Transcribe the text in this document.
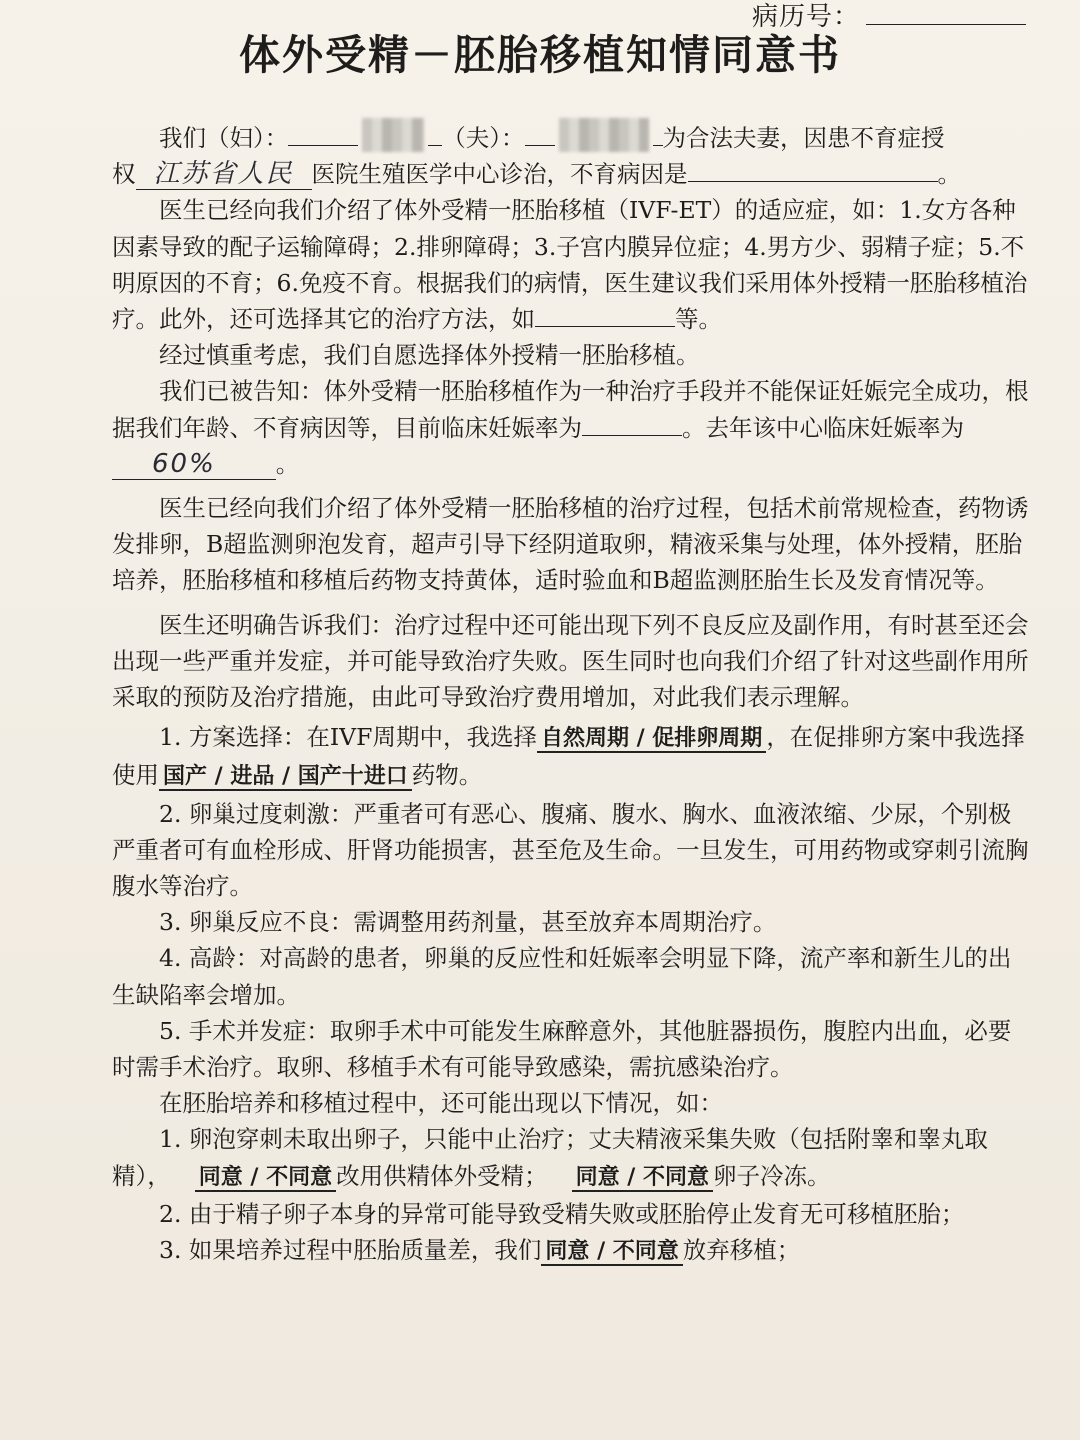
病历号：
体外受精－胚胎移植知情同意书

我们（妇）：	（夫）：	为合法夫妻，因患不育症授
权 江苏省人民 医院生殖医学中心诊治，不育病因是	。

医生已经向我们介绍了体外受精一胚胎移植（IVF-ET）的适应症，如：1.女方各种因素导致的配子运输障碍；2.排卵障碍；3.子宫内膜异位症；4.男方少、弱精子症；5.不明原因的不育；6.免疫不育。根据我们的病情，医生建议我们采用体外授精一胚胎移植治疗。此外，还可选择其它的治疗方法，如	等。

经过慎重考虑，我们自愿选择体外授精一胚胎移植。

我们已被告知：体外受精一胚胎移植作为一种治疗手段并不能保证妊娠完全成功，根据我们年龄、不育病因等，目前临床妊娠率为	。去年该中心临床妊娠率为60%	。

医生已经向我们介绍了体外受精一胚胎移植的治疗过程，包括术前常规检查，药物诱发排卵，B超监测卵泡发育，超声引导下经阴道取卵，精液采集与处理，体外授精，胚胎培养，胚胎移植和移植后药物支持黄体，适时验血和B超监测胚胎生长及发育情况等。

医生还明确告诉我们：治疗过程中还可能出现下列不良反应及副作用，有时甚至还会出现一些严重并发症，并可能导致治疗失败。医生同时也向我们介绍了针对这些副作用所采取的预防及治疗措施，由此可导致治疗费用增加，对此我们表示理解。

1. 方案选择：在IVF周期中，我选择 自然周期 / 促排卵周期 ，在促排卵方案中我选择使用 国产 / 进品 / 国产十进口 药物。

2. 卵巢过度刺激：严重者可有恶心、腹痛、腹水、胸水、血液浓缩、少尿，个别极严重者可有血栓形成、肝肾功能损害，甚至危及生命。一旦发生，可用药物或穿刺引流胸腹水等治疗。

3. 卵巢反应不良：需调整用药剂量，甚至放弃本周期治疗。

4. 高龄：对高龄的患者，卵巢的反应性和妊娠率会明显下降，流产率和新生儿的出生缺陷率会增加。

5. 手术并发症：取卵手术中可能发生麻醉意外，其他脏器损伤，腹腔内出血，必要时需手术治疗。取卵、移植手术有可能导致感染，需抗感染治疗。

在胚胎培养和移植过程中，还可能出现以下情况，如：

1. 卵泡穿刺未取出卵子，只能中止治疗；丈夫精液采集失败（包括附睾和睾丸取精）， 同意 / 不同意 改用供精体外受精； 同意 / 不同意 卵子冷冻。

2. 由于精子卵子本身的异常可能导致受精失败或胚胎停止发育无可移植胚胎；

3. 如果培养过程中胚胎质量差，我们 同意 / 不同意 放弃移植；
